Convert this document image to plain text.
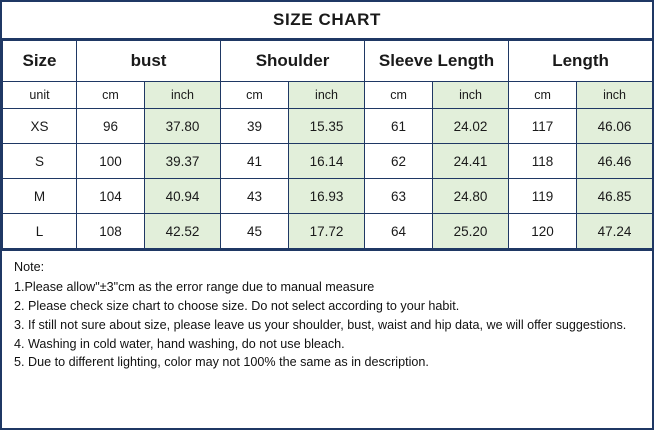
SIZE CHART
Size	bust		Shoulder		Sleeve Length		Length	
unit	cm	inch	cm	inch	cm	inch	cm	inch
XS	96	37.80	39	15.35	61	24.02	117	46.06
S	100	39.37	41	16.14	62	24.41	118	46.46
M	104	40.94	43	16.93	63	24.80	119	46.85
L	108	42.52	45	17.72	64	25.20	120	47.24

Note:

1.Please allow"±3"cm as the error range due to manual measure

2. Please check size chart to choose size. Do not select according to your habit.

3. If still not sure about size, please leave us your shoulder, bust, waist and hip data, we will offer suggestions.

4. Washing in cold water, hand washing, do not use bleach.

5. Due to different lighting, color may not 100% the same as in description.
